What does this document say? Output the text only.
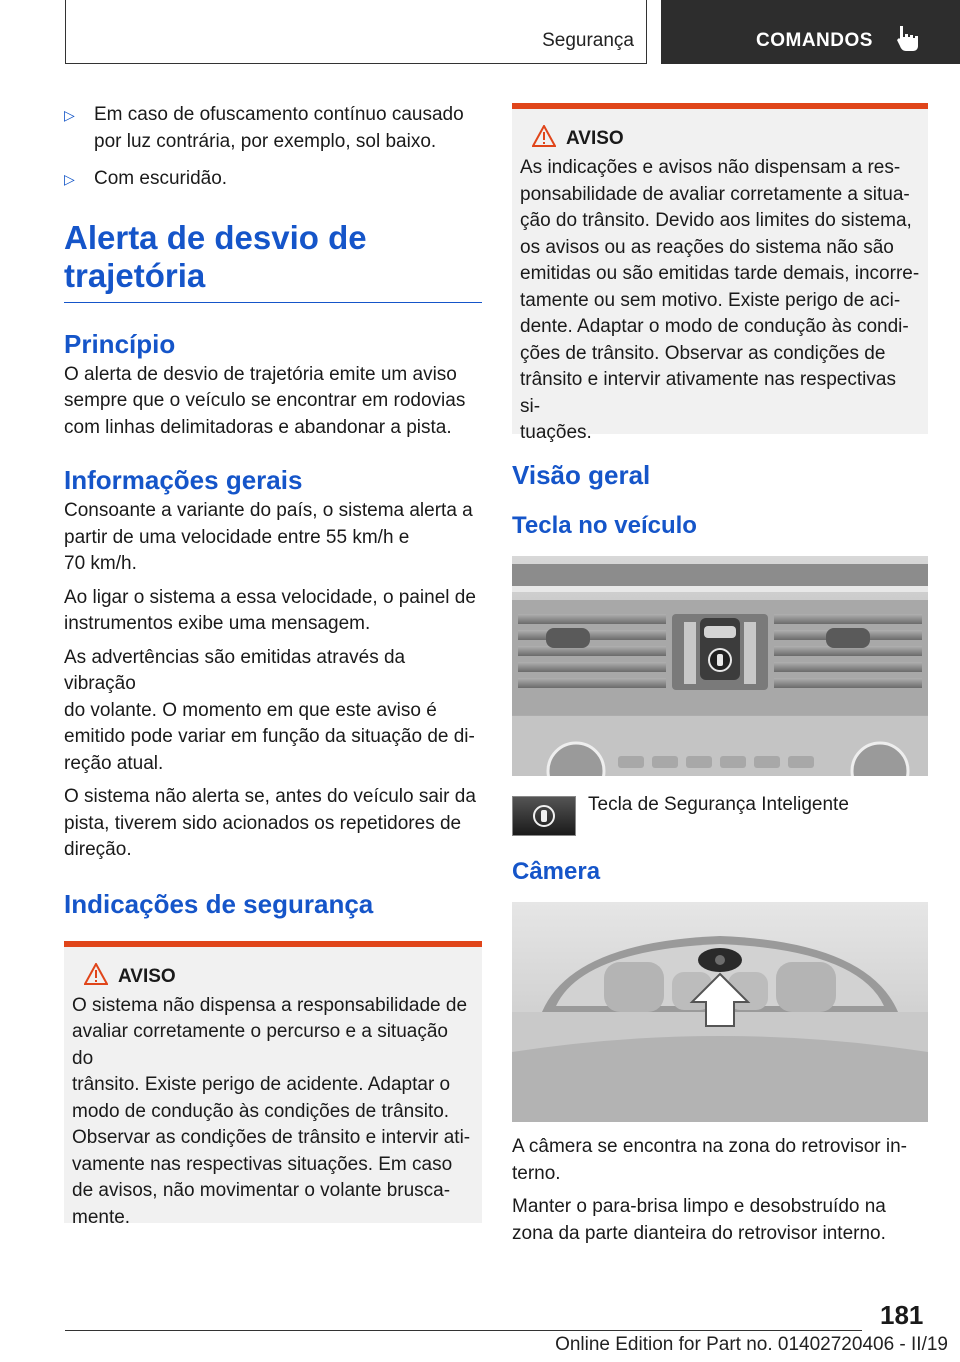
Segurança	COMANDOS
▷ Em caso de ofuscamento contínuo causado
por luz contrária, por exemplo, sol baixo.
▷ Com escuridão.
Alerta de desvio de
trajetória
Princípio
O alerta de desvio de trajetória emite um aviso
sempre que o veículo se encontrar em rodovias
com linhas delimitadoras e abandonar a pista.
Informações gerais
Consoante a variante do país, o sistema alerta a
partir de uma velocidade entre 55 km/h e
70 km/h.
Ao ligar o sistema a essa velocidade, o painel de
instrumentos exibe uma mensagem.
As advertências são emitidas através da vibração
do volante. O momento em que este aviso é
emitido pode variar em função da situação de di-
reção atual.
O sistema não alerta se, antes do veículo sair da
pista, tiverem sido acionados os repetidores de
direção.
Indicações de segurança
AVISO
O sistema não dispensa a responsabilidade de
avaliar corretamente o percurso e a situação do
trânsito. Existe perigo de acidente. Adaptar o
modo de condução às condições de trânsito.
Observar as condições de trânsito e intervir ati-
vamente nas respectivas situações. Em caso
de avisos, não movimentar o volante brusca-
mente.
AVISO
As indicações e avisos não dispensam a res-
ponsabilidade de avaliar corretamente a situa-
ção do trânsito. Devido aos limites do sistema,
os avisos ou as reações do sistema não são
emitidas ou são emitidas tarde demais, incorre-
tamente ou sem motivo. Existe perigo de aci-
dente. Adaptar o modo de condução às condi-
ções de trânsito. Observar as condições de
trânsito e intervir ativamente nas respectivas si-
tuações.
Visão geral
Tecla no veículo
Tecla de Segurança Inteligente
Câmera
A câmera se encontra na zona do retrovisor in-
terno.
Manter o para-brisa limpo e desobstruído na
zona da parte dianteira do retrovisor interno.
181
Online Edition for Part no. 01402720406 - II/19
